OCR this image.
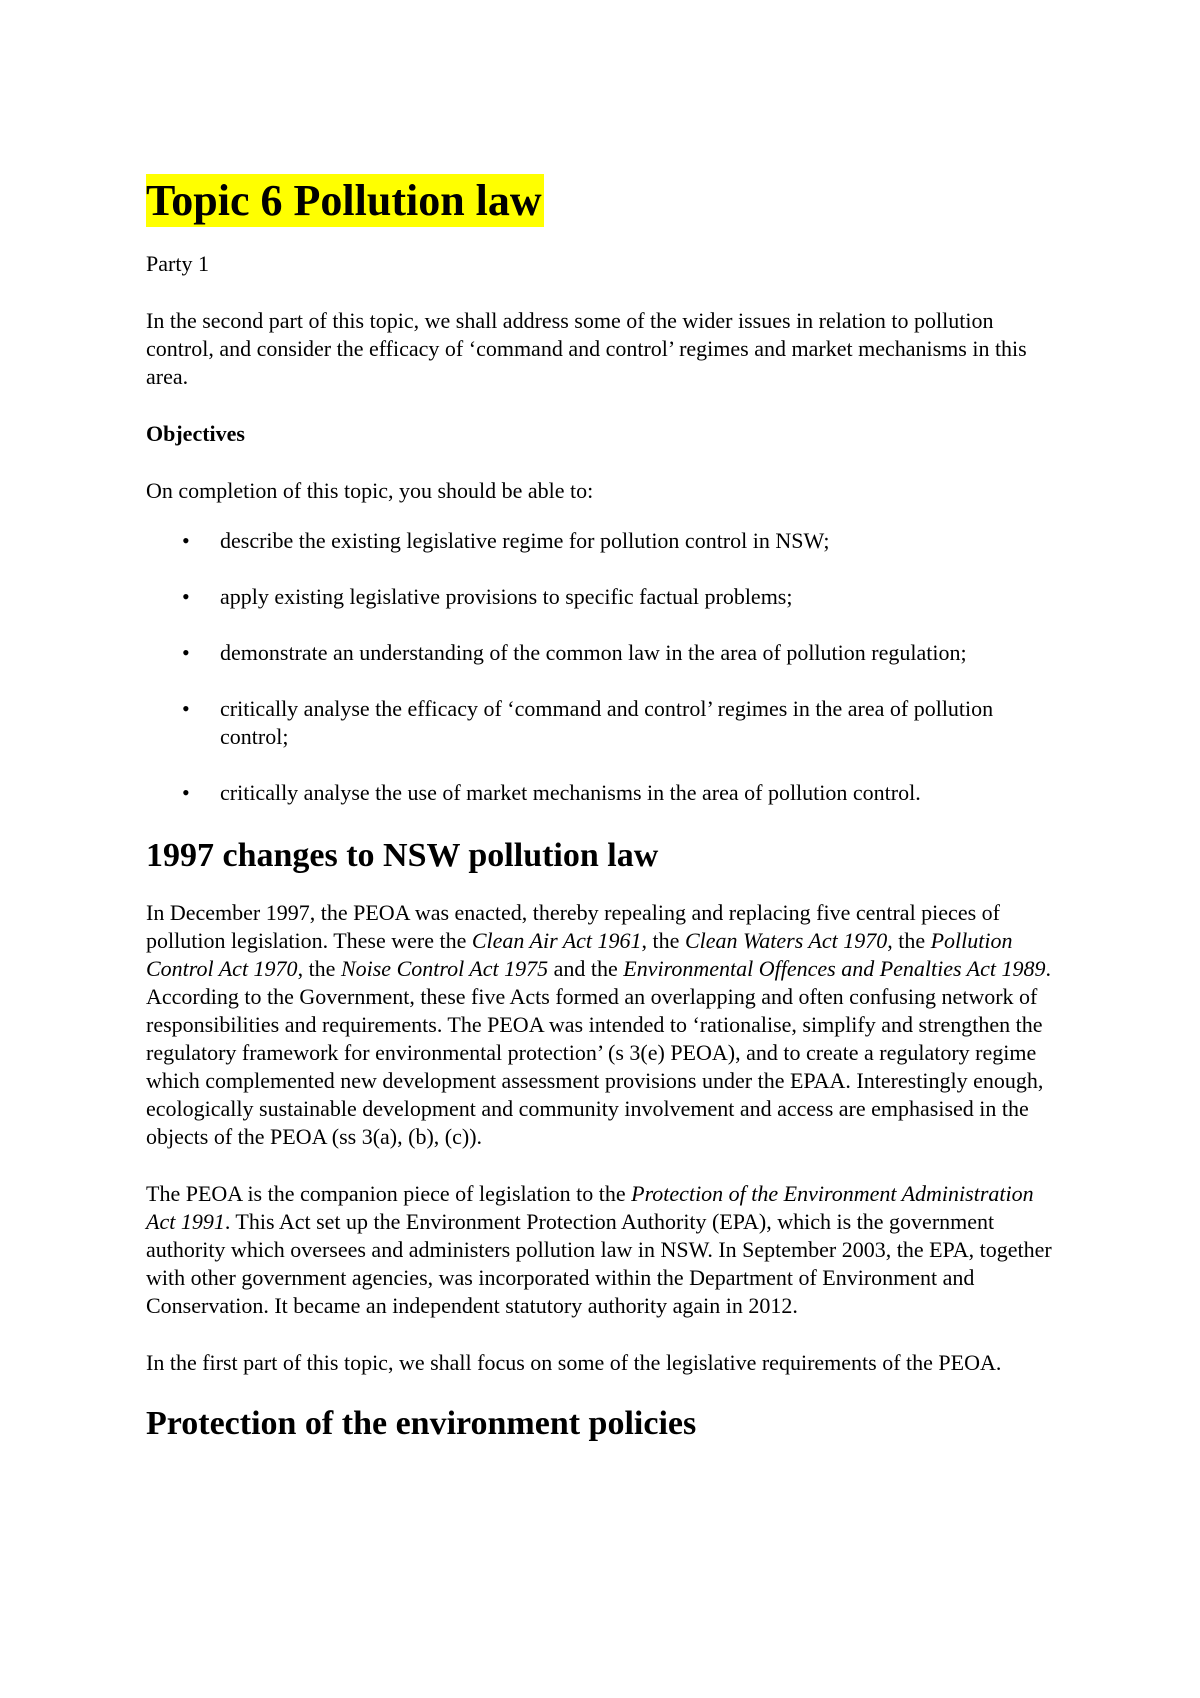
Topic 6 Pollution law

Party 1

In the second part of this topic, we shall address some of the wider issues in relation to pollution control, and consider the efficacy of ‘command and control’ regimes and market mechanisms in this area.

Objectives

On completion of this topic, you should be able to:

• describe the existing legislative regime for pollution control in NSW;
• apply existing legislative provisions to specific factual problems;
• demonstrate an understanding of the common law in the area of pollution regulation;
• critically analyse the efficacy of ‘command and control’ regimes in the area of pollution control;
• critically analyse the use of market mechanisms in the area of pollution control.
1997 changes to NSW pollution law

In December 1997, the PEOA was enacted, thereby repealing and replacing five central pieces of pollution legislation. These were the Clean Air Act 1961, the Clean Waters Act 1970, the Pollution Control Act 1970, the Noise Control Act 1975 and the Environmental Offences and Penalties Act 1989. According to the Government, these five Acts formed an overlapping and often confusing network of responsibilities and requirements. The PEOA was intended to ‘rationalise, simplify and strengthen the regulatory framework for environmental protection’ (s 3(e) PEOA), and to create a regulatory regime which complemented new development assessment provisions under the EPAA. Interestingly enough, ecologically sustainable development and community involvement and access are emphasised in the objects of the PEOA (ss 3(a), (b), (c)).

The PEOA is the companion piece of legislation to the Protection of the Environment Administration Act 1991. This Act set up the Environment Protection Authority (EPA), which is the government authority which oversees and administers pollution law in NSW. In September 2003, the EPA, together with other government agencies, was incorporated within the Department of Environment and Conservation. It became an independent statutory authority again in 2012.

In the first part of this topic, we shall focus on some of the legislative requirements of the PEOA.

Protection of the environment policies
